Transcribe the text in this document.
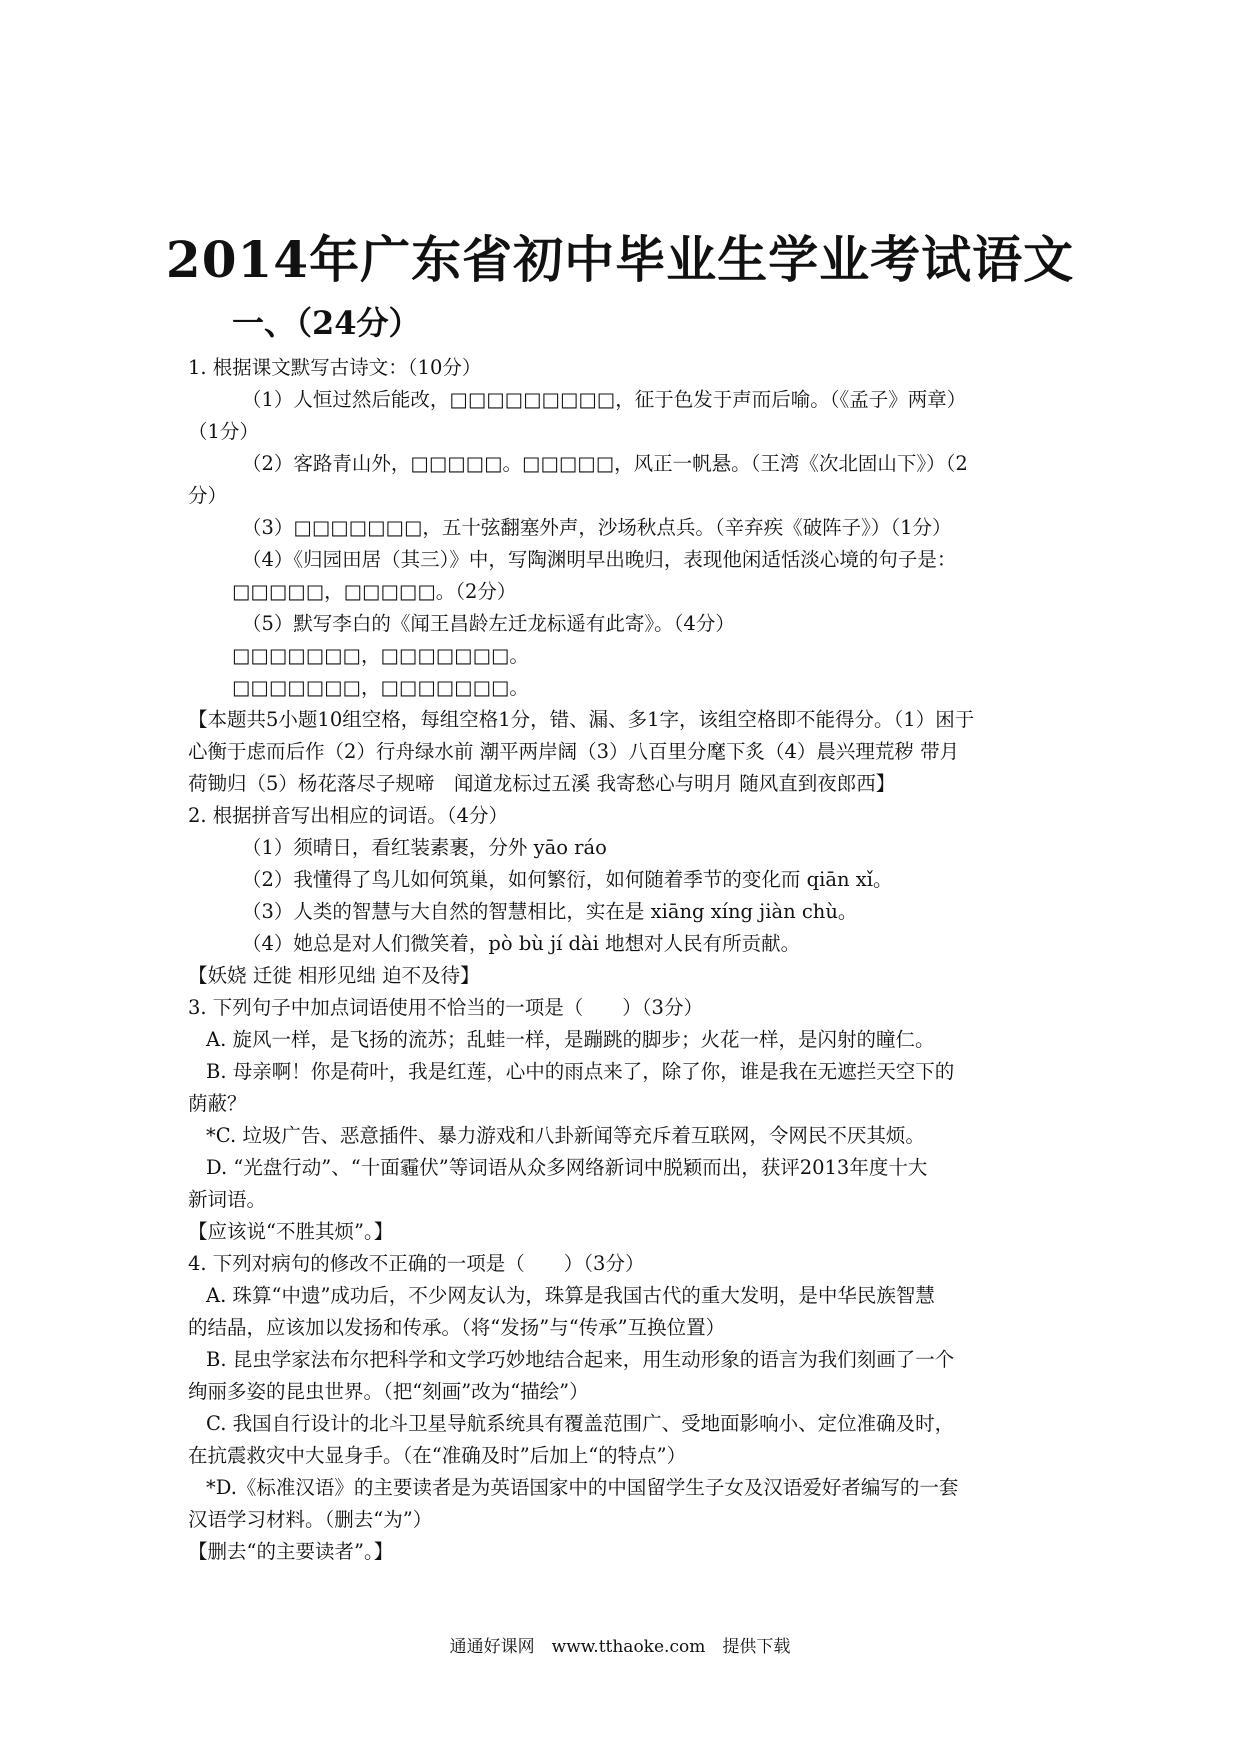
2014年广东省初中毕业生学业考试语文
一、（24分）
1. 根据课文默写古诗文：（10分）
（1）人恒过然后能改，□□□□□□□□□，征于色发于声而后喻。（《孟子》两章）
（1分）
（2）客路青山外，□□□□□。□□□□□，风正一帆悬。（王湾《次北固山下》）（2
分）
（3）□□□□□□□，五十弦翻塞外声，沙场秋点兵。（辛弃疾《破阵子》）（1分）
（4）《归园田居（其三）》中，写陶渊明早出晚归，表现他闲适恬淡心境的句子是：
□□□□□，□□□□□。（2分）
（5）默写李白的《闻王昌龄左迁龙标遥有此寄》。（4分）
□□□□□□□，□□□□□□□。
□□□□□□□，□□□□□□□。
【本题共5小题10组空格，每组空格1分，错、漏、多1字，该组空格即不能得分。（1）困于
心衡于虑而后作（2）行舟绿水前 潮平两岸阔（3）八百里分麾下炙（4）晨兴理荒秽 带月
荷锄归（5）杨花落尽子规啼　闻道龙标过五溪 我寄愁心与明月 随风直到夜郎西】
2. 根据拼音写出相应的词语。（4分）
（1）须晴日，看红装素裹，分外 yāo ráo
（2）我懂得了鸟儿如何筑巢，如何繁衍，如何随着季节的变化而 qiān xǐ。
（3）人类的智慧与大自然的智慧相比，实在是 xiāng xíng jiàn chù。
（4）她总是对人们微笑着，pò bù jí dài 地想对人民有所贡献。
【妖娆 迁徙 相形见绌 迫不及待】
3. 下列句子中加点词语使用不恰当的一项是（　　）（3分）
A. 旋风一样，是飞扬的流苏；乱蛙一样，是蹦跳的脚步；火花一样，是闪射的瞳仁。
B. 母亲啊！你是荷叶，我是红莲，心中的雨点来了，除了你，谁是我在无遮拦天空下的
荫蔽？
*C. 垃圾广告、恶意插件、暴力游戏和八卦新闻等充斥着互联网，令网民不厌其烦。
D. “光盘行动”、“十面霾伏”等词语从众多网络新词中脱颖而出，获评2013年度十大
新词语。
【应该说“不胜其烦”。】
4. 下列对病句的修改不正确的一项是（　　）（3分）
A. 珠算“中遗”成功后，不少网友认为，珠算是我国古代的重大发明，是中华民族智慧
的结晶，应该加以发扬和传承。（将“发扬”与“传承”互换位置）
B. 昆虫学家法布尔把科学和文学巧妙地结合起来，用生动形象的语言为我们刻画了一个
绚丽多姿的昆虫世界。（把“刻画”改为“描绘”）
C. 我国自行设计的北斗卫星导航系统具有覆盖范围广、受地面影响小、定位准确及时，
在抗震救灾中大显身手。（在“准确及时”后加上“的特点”）
*D.《标准汉语》的主要读者是为英语国家中的中国留学生子女及汉语爱好者编写的一套
汉语学习材料。（删去“为”）
【删去“的主要读者”。】
通通好课网　www.tthaoke.com　提供下载
